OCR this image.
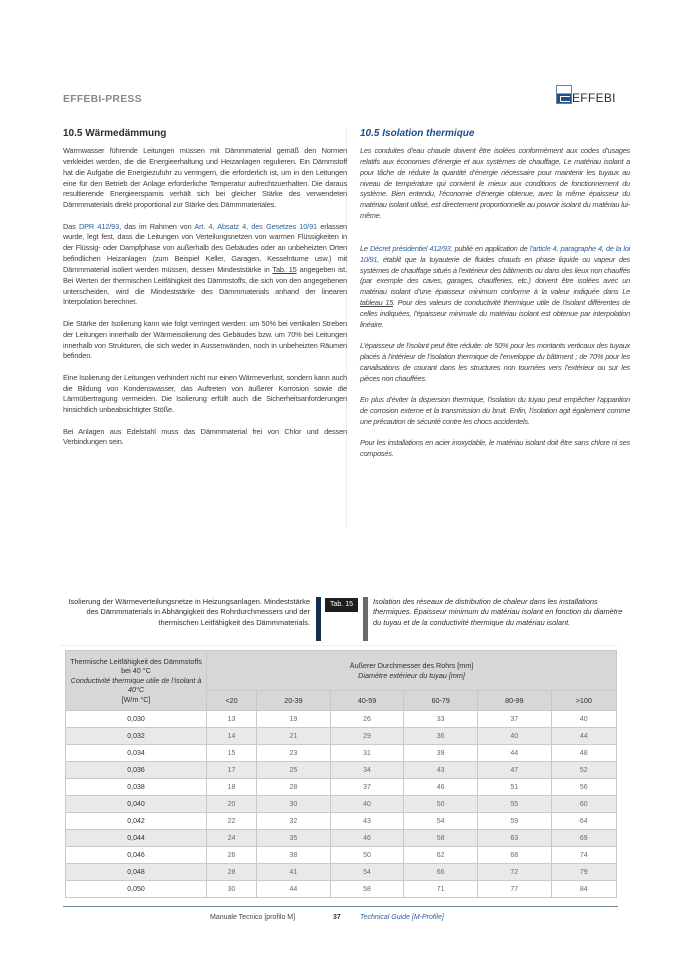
EFFEBI-PRESS	EFFEBI
10.5 Wärmedämmung

Warmwasser führende Leitungen müssen mit Dämmmaterial gemäß den Normen verkleidet werden, die die Energieerhaltung und Heizanlagen regulieren. Ein Dämmstoff hat die Aufgabe die Energiezufuhr zu verringern, die erforderlich ist, um in den Leitungen eine für den Betrieb der Anlage erforderliche Temperatur aufrechtzuerhalten. Die daraus resultierende Energieersparnis verhält sich bei gleicher Stärke des verwendeten Dämmmaterials direkt proportional zur Stärke des Dämmmateriales.

Das DPR 412/93, das im Rahmen von Art. 4, Absatz 4, des Gesetzes 10/91 erlassen wurde, legt fest, dass die Leitungen von Verteilungsnetzen von warmen Flüssigkeiten in der Flüssig- oder Dampfphase von außerhalb des Gebäudes oder an unbeheizten Orten befindlichen Heizanlagen (zum Beispiel Keller, Garagen, Kesselräume usw.) mit Dämmmaterial isoliert werden müssen, dessen Mindeststärke in Tab. 15 angegeben ist. Bei Werten der thermischen Leitfähigkeit des Dämmstoffs, die sich von den angegebenen unterscheiden, wird die Mindeststärke des Dämmmaterials anhand der linearen Interpolation berechnet.

Die Stärke der Isolierung kann wie folgt verringert werden: um 50% bei vertikalen Streben der Leitungen innerhalb der Wärmeisolierung des Gebäudes bzw. um 70% bei Leitungen innerhalb von Strukturen, die sich weder in Aussenwänden, noch in unbeheizten Räumen befinden.

Eine Isolierung der Leitungen verhindert nicht nur einen Wärmeverlust, sondern kann auch die Bildung von Kondenswasser, das Auftreten von äußerer Korrosion sowie die Lärmübertragung vermeiden. Die Isolierung erfüllt auch die Sicherheitsanforderungen hinsichtlich unbeabsichtigter Stöße.

Bei Anlagen aus Edelstahl muss das Dämmmaterial frei von Chlor und dessen Verbindungen sein.

10.5 Isolation thermique

Les conduites d’eau chaude doivent être isolées conformément aux codes d’usages relatifs aux économies d’énergie et aux systèmes de chauffage. Le matériau isolant a pour tâche de réduire la quantité d’énergie nécessaire pour maintenir les tuyaux au niveau de température qui convient le mieux aux conditions de fonctionnement du système. Bien entendu, l’économie d’énergie obtenue, avec la même épaisseur du matériau isolant utilisé, est directement proportionnelle au pouvoir isolant du matériau lui-même.

Le Décret présidentiel 412/93, publié en application de l’article 4, paragraphe 4, de la loi 10/91, établit que la tuyauterie de fluides chauds en phase liquide ou vapeur des systèmes de chauffage situés à l’extérieur des bâtiments ou dans des lieux non chauffés (par exemple des caves, garages, chaufferies, etc.) doivent être isolées avec un matériau isolant d’une épaisseur minimum conforme à la valeur indiquée dans Le tableau 15. Pour des valeurs de conductivité thermique utile de l’isolant différentes de celles indiquées, l’épaisseur minimale du matériau isolant est obtenue par interpolation linéaire.

L’épaisseur de l’isolant peut être réduite: de 50% pour les montants verticaux des tuyaux placés à l’intérieur de l’isolation thermique de l’enveloppe du bâtiment ; de 70% pour les canalisations de courant dans les structures non tournées vers l’extérieur ou sur les pièces non chauffées.

En plus d’éviter la dispersion thermique, l’isolation du tuyau peut empêcher l’apparition de corrosion externe et la transmission du bruit. Enfin, l’isolation agit également comme une précaution de sécurité contre les chocs accidentels.

Pour les installations en acier inoxydable, le matériau isolant doit être sans chlore ni ses composés.

Isolierung der Wärmeverteilungsnetze in Heizungsanlagen. Mindeststärke des Dämmmaterials in Abhängigkeit des Rohrdurchmessers und der thermischen Leitfähigkeit des Dämmmaterials.
Tab. 15	Isolation des réseaux de distribution de chaleur dans les installations thermiques. Épaisseur minimum du matériau isolant en fonction du diamètre du tuyau et de la conductivité thermique du matériau isolant.
Thermische Leitfähigkeit des Dämmstoffs bei 40 °C
Conductivité thermique utile de l’isolant à 40°C
[W/m °C]	Äußerer Durchmesser des Rohrs [mm]
Diamètre extérieur du tuyau [mm]					
	<20	20-39	40-59	60-79	80-99	>100
0,030	13	19	26	33	37	40
0,032	14	21	29	36	40	44
0,034	15	23	31	39	44	48
0,036	17	25	34	43	47	52
0,038	18	28	37	46	51	56
0,040	20	30	40	50	55	60
0,042	22	32	43	54	59	64
0,044	24	35	46	58	63	69
0,046	26	38	50	62	68	74
0,048	28	41	54	66	72	79
0,050	30	44	58	71	77	84
Manuale Tecnico [profilo M]	37	Technical Guide [M-Profile]
